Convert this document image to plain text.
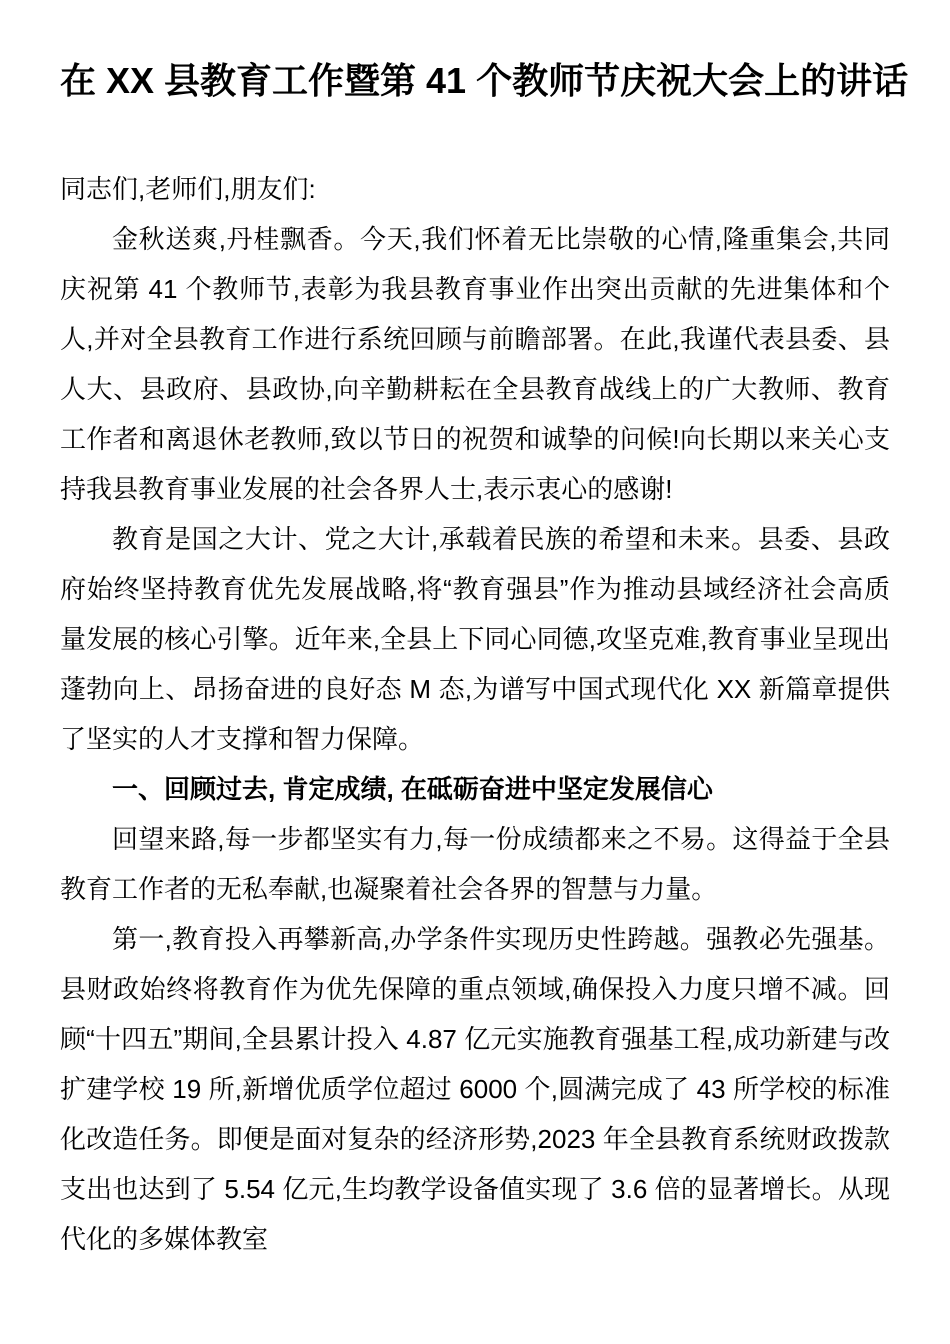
在 XX 县教育工作暨第 41 个教师节庆祝大会上的讲话

同志们,老师们,朋友们:

金秋送爽,丹桂飘香。今天,我们怀着无比崇敬的心情,隆重集会,共同庆祝第 41 个教师节,表彰为我县教育事业作出突出贡献的先进集体和个人,并对全县教育工作进行系统回顾与前瞻部署。在此,我谨代表县委、县人大、县政府、县政协,向辛勤耕耘在全县教育战线上的广大教师、教育工作者和离退休老教师,致以节日的祝贺和诚挚的问候!向长期以来关心支持我县教育事业发展的社会各界人士,表示衷心的感谢!

教育是国之大计、党之大计,承载着民族的希望和未来。县委、县政府始终坚持教育优先发展战略,将“教育强县”作为推动县域经济社会高质量发展的核心引擎。近年来,全县上下同心同德,攻坚克难,教育事业呈现出蓬勃向上、昂扬奋进的良好态 M 态,为谱写中国式现代化 XX 新篇章提供了坚实的人才支撑和智力保障。

一、回顾过去, 肯定成绩, 在砥砺奋进中坚定发展信心

回望来路,每一步都坚实有力,每一份成绩都来之不易。这得益于全县教育工作者的无私奉献,也凝聚着社会各界的智慧与力量。

第一,教育投入再攀新高,办学条件实现历史性跨越。强教必先强基。县财政始终将教育作为优先保障的重点领域,确保投入力度只增不减。回顾“十四五”期间,全县累计投入 4.87 亿元实施教育强基工程,成功新建与改扩建学校 19 所,新增优质学位超过 6000 个,圆满完成了 43 所学校的标准化改造任务。即便是面对复杂的经济形势,2023 年全县教育系统财政拨款支出也达到了 5.54 亿元,生均教学设备值实现了 3.6 倍的显著增长。从现代化的多媒体教室
